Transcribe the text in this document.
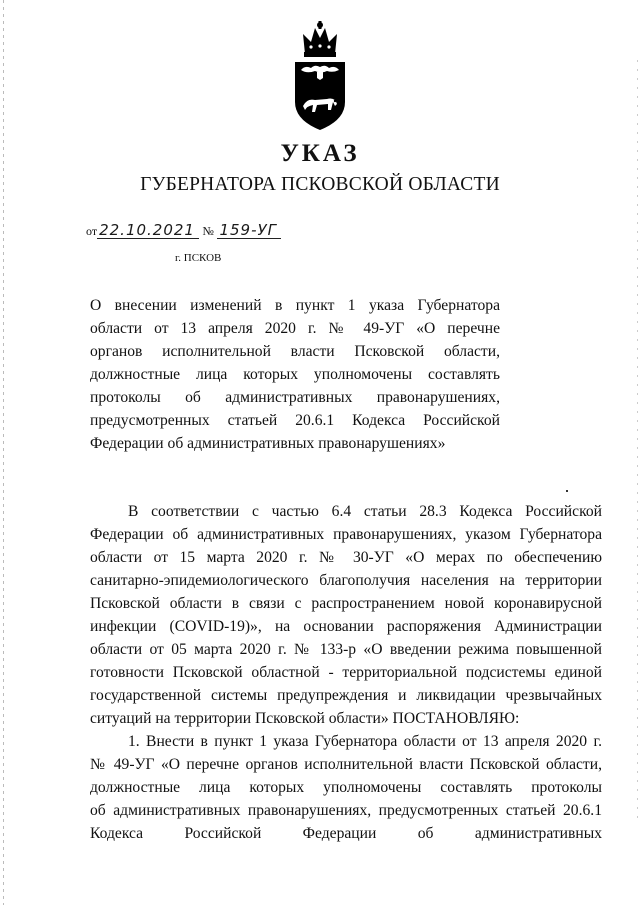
УКАЗ
ГУБЕРНАТОРА ПСКОВСКОЙ ОБЛАСТИ
от 22.10.2021 № 159-УГ
г. ПСКОВ
О внесении изменений в пункт 1 указа Губернатора
области от 13 апреля 2020 г. № 49-УГ «О перечне
органов исполнительной власти Псковской области,
должностные лица которых уполномочены составлять
протоколы об административных правонарушениях,
предусмотренных статьей 20.6.1 Кодекса Российской
Федерации об административных правонарушениях»
В соответствии с частью 6.4 статьи 28.3 Кодекса Российской
Федерации об административных правонарушениях, указом Губернатора
области от 15 марта 2020 г. № 30-УГ «О мерах по обеспечению
санитарно-эпидемиологического благополучия населения на территории
Псковской области в связи с распространением новой коронавирусной
инфекции (COVID-19)», на основании распоряжения Администрации
области от 05 марта 2020 г. № 133-р «О введении режима повышенной
готовности Псковской областной - территориальной подсистемы единой
государственной системы предупреждения и ликвидации чрезвычайных
ситуаций на территории Псковской области» ПОСТАНОВЛЯЮ:
1. Внести в пункт 1 указа Губернатора области от 13 апреля 2020 г.
№ 49-УГ «О перечне органов исполнительной власти Псковской области,
должностные лица которых уполномочены составлять протоколы
об административных правонарушениях, предусмотренных статьей 20.6.1
Кодекса Российской Федерации об административных
